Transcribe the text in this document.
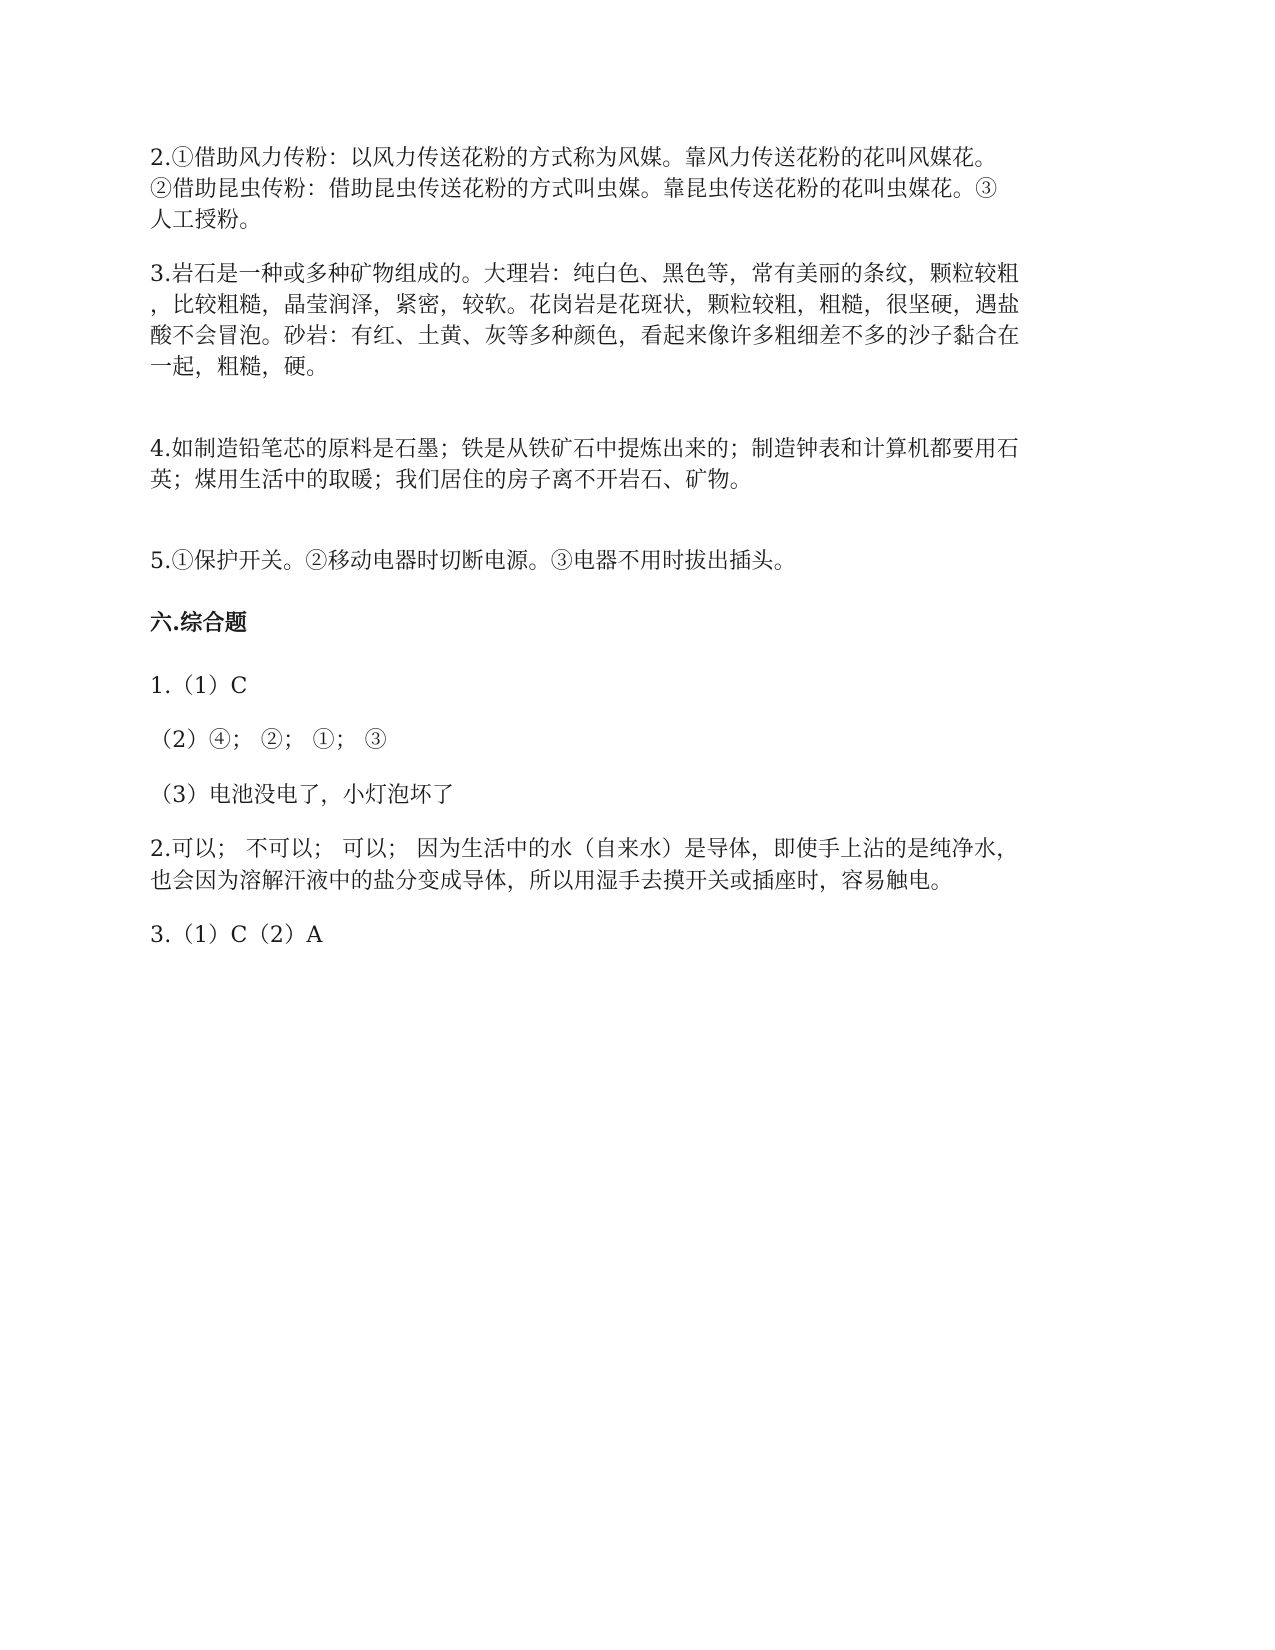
2.①借助风力传粉：以风力传送花粉的方式称为风媒。靠风力传送花粉的花叫风媒花。
②借助昆虫传粉：借助昆虫传送花粉的方式叫虫媒。靠昆虫传送花粉的花叫虫媒花。③
人工授粉。
3.岩石是一种或多种矿物组成的。大理岩：纯白色、黑色等，常有美丽的条纹，颗粒较粗
，比较粗糙，晶莹润泽，紧密，较软。花岗岩是花斑状，颗粒较粗，粗糙，很坚硬，遇盐
酸不会冒泡。砂岩：有红、土黄、灰等多种颜色，看起来像许多粗细差不多的沙子黏合在
一起，粗糙，硬。
4.如制造铅笔芯的原料是石墨；铁是从铁矿石中提炼出来的；制造钟表和计算机都要用石
英；煤用生活中的取暖；我们居住的房子离不开岩石、矿物。
5.①保护开关。②移动电器时切断电源。③电器不用时拔出插头。
六.综合题
1.（1）C
（2）④； ②； ①； ③
（3）电池没电了，小灯泡坏了
2.可以； 不可以； 可以； 因为生活中的水（自来水）是导体，即使手上沾的是纯净水，
也会因为溶解汗液中的盐分变成导体，所以用湿手去摸开关或插座时，容易触电。
3.（1）C（2）A
